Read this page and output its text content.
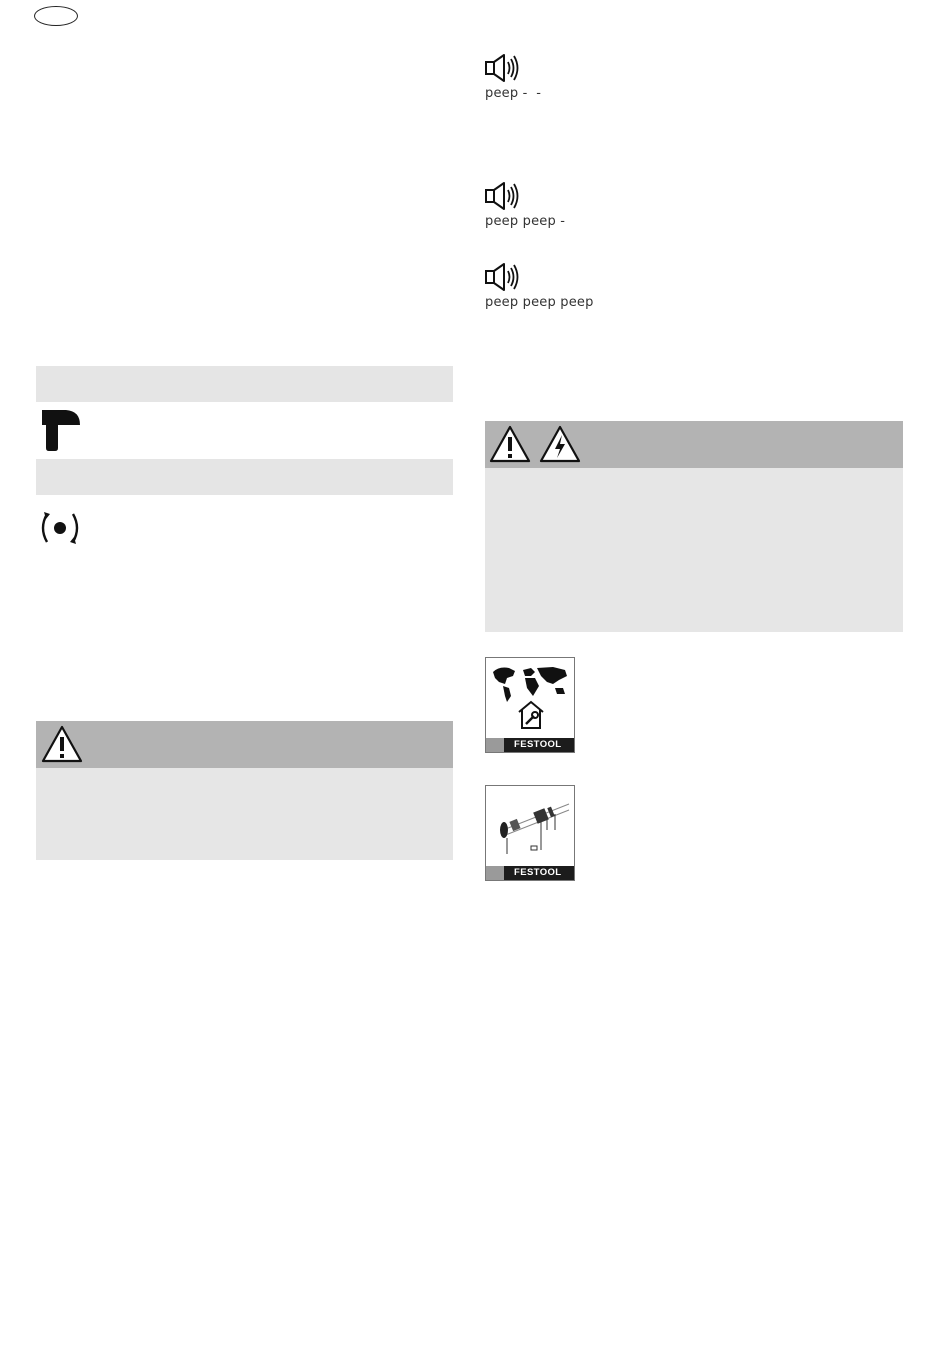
peep -  -
peep peep -
peep peep peep
FESTOOL
FESTOOL
